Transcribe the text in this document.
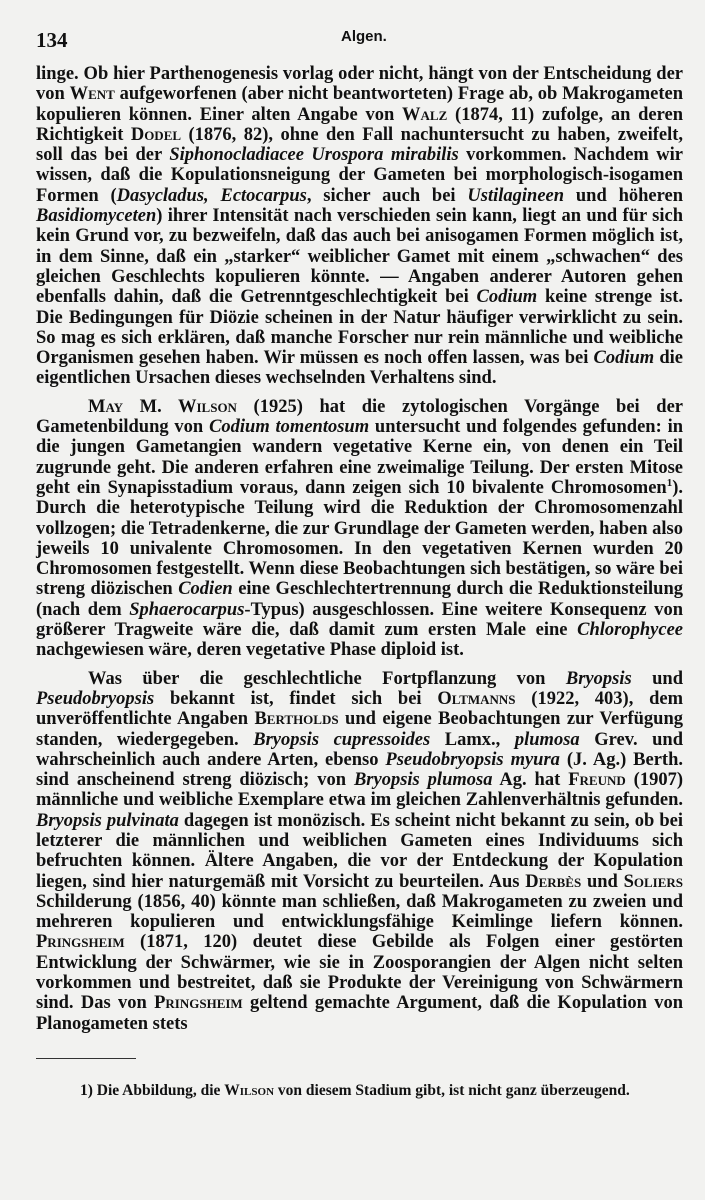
134	Algen.

linge. Ob hier Parthenogenesis vorlag oder nicht, hängt von der Entscheidung der von Went aufgeworfenen (aber nicht beantworteten) Frage ab, ob Makrogameten kopulieren können. Einer alten Angabe von Walz (1874, 11) zufolge, an deren Richtigkeit Dodel (1876, 82), ohne den Fall nachuntersucht zu haben, zweifelt, soll das bei der Siphonocladiacee Urospora mirabilis vorkommen. Nachdem wir wissen, daß die Kopulationsneigung der Gameten bei morphologisch-isogamen Formen (Dasycladus, Ectocarpus, sicher auch bei Ustilagineen und höheren Basidiomyceten) ihrer Intensität nach verschieden sein kann, liegt an und für sich kein Grund vor, zu bezweifeln, daß das auch bei anisogamen Formen möglich ist, in dem Sinne, daß ein „starker“ weiblicher Gamet mit einem „schwachen“ des gleichen Geschlechts kopulieren könnte. — Angaben anderer Autoren gehen ebenfalls dahin, daß die Getrenntgeschlechtigkeit bei Codium keine strenge ist. Die Bedingungen für Diözie scheinen in der Natur häufiger verwirklicht zu sein. So mag es sich erklären, daß manche Forscher nur rein männliche und weibliche Organismen gesehen haben. Wir müssen es noch offen lassen, was bei Codium die eigentlichen Ursachen dieses wechselnden Verhaltens sind.

May M. Wilson (1925) hat die zytologischen Vorgänge bei der Gametenbildung von Codium tomentosum untersucht und folgendes gefunden: in die jungen Gametangien wandern vegetative Kerne ein, von denen ein Teil zugrunde geht. Die anderen erfahren eine zweimalige Teilung. Der ersten Mitose geht ein Synapisstadium voraus, dann zeigen sich 10 bivalente Chromosomen$^1$). Durch die heterotypische Teilung wird die Reduktion der Chromosomenzahl vollzogen; die Tetradenkerne, die zur Grundlage der Gameten werden, haben also jeweils 10 univalente Chromosomen. In den vegetativen Kernen wurden 20 Chromosomen festgestellt. Wenn diese Beobachtungen sich bestätigen, so wäre bei streng diözischen Codien eine Geschlechtertrennung durch die Reduktionsteilung (nach dem Sphaerocarpus-Typus) ausgeschlossen. Eine weitere Konsequenz von größerer Tragweite wäre die, daß damit zum ersten Male eine Chlorophycee nachgewiesen wäre, deren vegetative Phase diploid ist.

Was über die geschlechtliche Fortpflanzung von Bryopsis und Pseudobryopsis bekannt ist, findet sich bei Oltmanns (1922, 403), dem unveröffentlichte Angaben Bertholds und eigene Beobachtungen zur Verfügung standen, wiedergegeben. Bryopsis cupressoides Lamx., plumosa Grev. und wahrscheinlich auch andere Arten, ebenso Pseudobryopsis myura (J. Ag.) Berth. sind anscheinend streng diözisch; von Bryopsis plumosa Ag. hat Freund (1907) männliche und weibliche Exemplare etwa im gleichen Zahlenverhältnis gefunden. Bryopsis pulvinata dagegen ist monözisch. Es scheint nicht bekannt zu sein, ob bei letzterer die männlichen und weiblichen Gameten eines Individuums sich befruchten können. Ältere Angaben, die vor der Entdeckung der Kopulation liegen, sind hier naturgemäß mit Vorsicht zu beurteilen. Aus Derbès und Soliers Schilderung (1856, 40) könnte man schließen, daß Makrogameten zu zweien und mehreren kopulieren und entwicklungsfähige Keimlinge liefern können. Pringsheim (1871, 120) deutet diese Gebilde als Folgen einer gestörten Entwicklung der Schwärmer, wie sie in Zoosporangien der Algen nicht selten vorkommen und bestreitet, daß sie Produkte der Vereinigung von Schwärmern sind. Das von Pringsheim geltend gemachte Argument, daß die Kopulation von Planogameten stets

1) Die Abbildung, die Wilson von diesem Stadium gibt, ist nicht ganz überzeugend.
